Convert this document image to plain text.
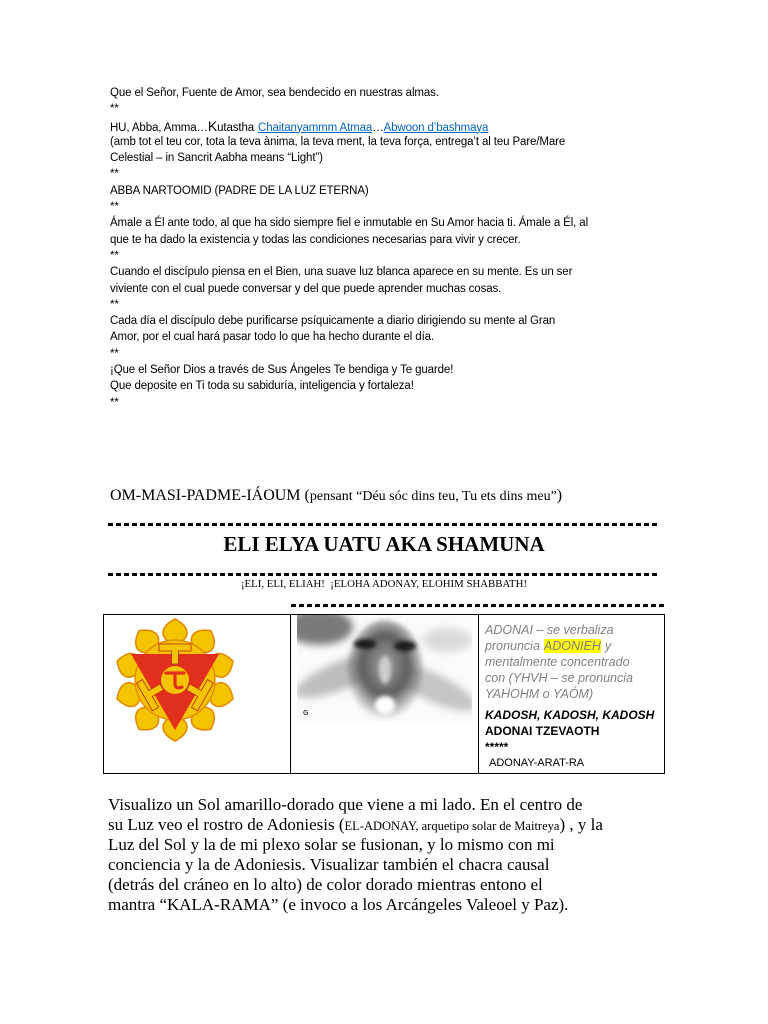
Que el Señor, Fuente de Amor, sea bendecido en nuestras almas.
**
HU, Abba, Amma…Kutastha Chaitanyammm Atmaa…Abwoon d’bashmaya
(amb tot el teu cor, tota la teva ànima, la teva ment, la teva força, entrega’t al teu Pare/Mare
Celestial – in Sancrit Aabha means “Light”)
**
ABBA NARTOOMID (PADRE DE LA LUZ ETERNA)
**
Ámale a Él ante todo, al que ha sido siempre fiel e inmutable en Su Amor hacia ti. Ámale a Él, al
que te ha dado la existencia y todas las condiciones necesarias para vivir y crecer.
**
Cuando el discípulo piensa en el Bien, una suave luz blanca aparece en su mente. Es un ser
viviente con el cual puede conversar y del que puede aprender muchas cosas.
**
Cada día el discípulo debe purificarse psíquicamente a diario dirigiendo su mente al Gran
Amor, por el cual hará pasar todo lo que ha hecho durante el día.
**
¡Que el Señor Dios a través de Sus Ángeles Te bendiga y Te guarde!
Que deposite en Ti toda su sabiduría, inteligencia y fortaleza!
**
OM-MASI-PADME-IÁOUM (pensant “Déu sóc dins teu, Tu ets dins meu”)
ELI ELYA UATU AKA SHAMUNA
¡ELI, ELI, ELIAH!  ¡ELOHA ADONAY, ELOHIM SHABBATH!
G
ADONAI – se verbaliza
pronuncia ADONIEH y
mentalmente concentrado
con (YHVH – se pronuncia
YAHOHM o YAÓM)
KADOSH, KADOSH, KADOSH
ADONAI TZEVAOTH
*****
ADONAY-ARAT-RA
Visualizo un Sol amarillo-dorado que viene a mi lado. En el centro de
su Luz veo el rostro de Adoniesis (EL-ADONAY, arquetipo solar de Maitreya) , y la
Luz del Sol y la de mi plexo solar se fusionan, y lo mismo con mi
conciencia y la de Adoniesis. Visualizar también el chacra causal
(detrás del cráneo en lo alto) de color dorado mientras entono el
mantra “KALA-RAMA” (e invoco a los Arcángeles Valeoel y Paz).
